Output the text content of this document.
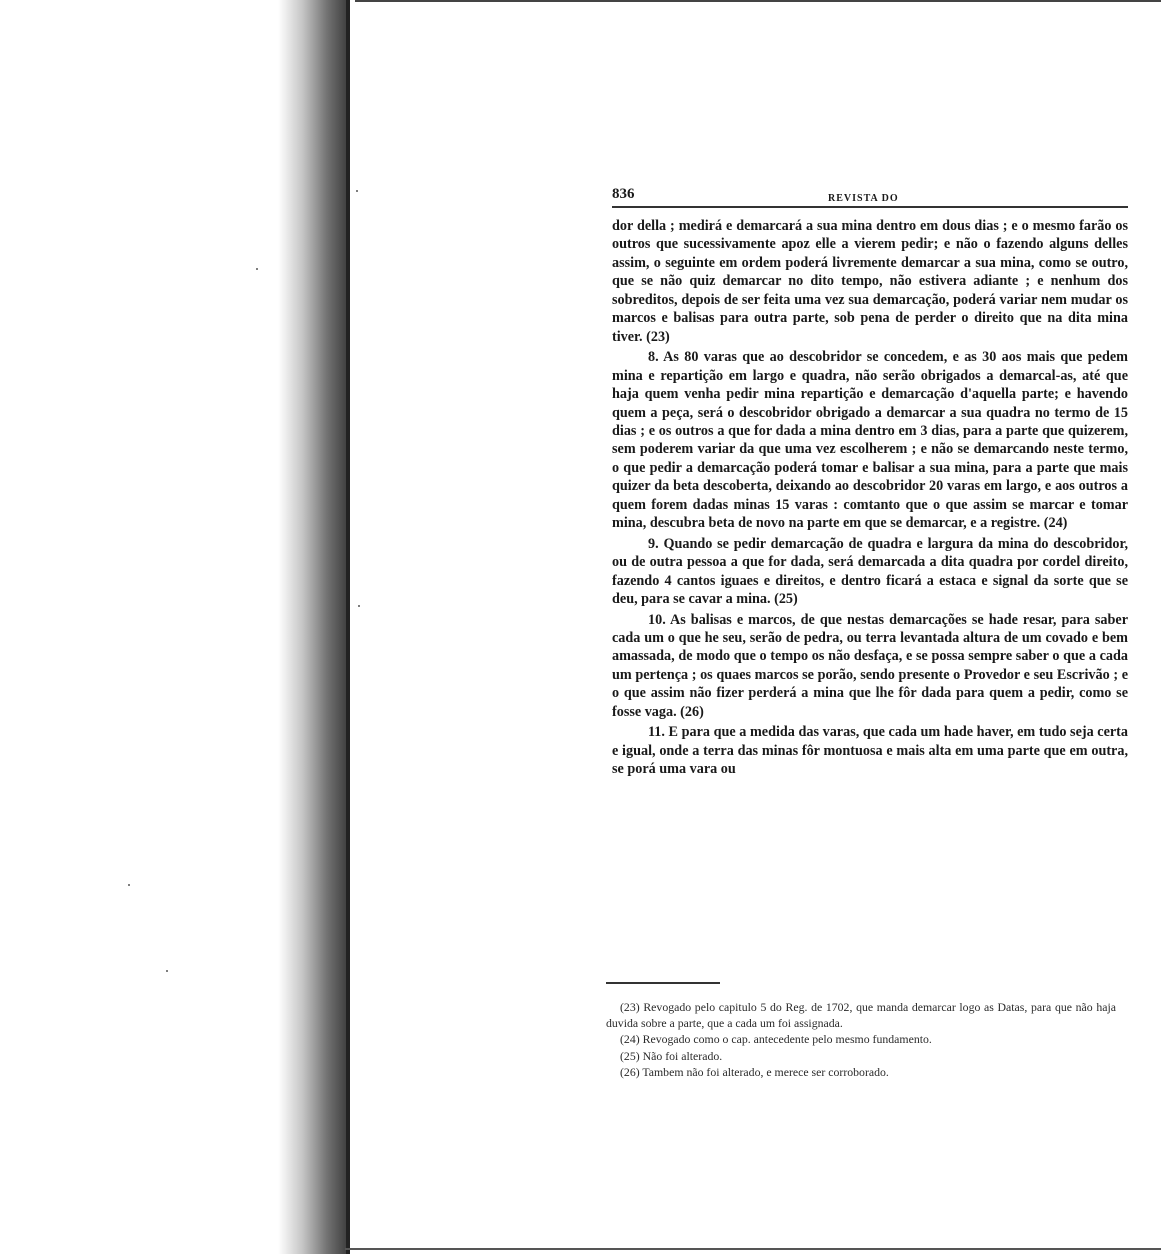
836	REVISTA DO

dor della ; medirá e demarcará a sua mina dentro em dous dias ; e o mesmo farão os outros que sucessivamente apoz elle a vierem pedir; e não o fazendo alguns delles assim, o seguinte em ordem poderá livremente demarcar a sua mina, como se outro, que se não quiz demarcar no dito tempo, não estivera adiante ; e nenhum dos sobreditos, depois de ser feita uma vez sua demarcação, poderá variar nem mudar os marcos e balisas para outra parte, sob pena de perder o direito que na dita mina tiver. (23)

8. As 80 varas que ao descobridor se concedem, e as 30 aos mais que pedem mina e repartição em largo e quadra, não serão obrigados a demarcal-as, até que haja quem venha pedir mina repartição e demarcação d'aquella parte; e havendo quem a peça, será o descobridor obrigado a demarcar a sua quadra no termo de 15 dias ; e os outros a que for dada a mina dentro em 3 dias, para a parte que quizerem, sem poderem variar da que uma vez escolherem ; e não se demarcando neste termo, o que pedir a demarcação poderá tomar e balisar a sua mina, para a parte que mais quizer da beta descoberta, deixando ao descobridor 20 varas em largo, e aos outros a quem forem dadas minas 15 varas : comtanto que o que assim se marcar e tomar mina, descubra beta de novo na parte em que se demarcar, e a registre. (24)

9. Quando se pedir demarcação de quadra e largura da mina do descobridor, ou de outra pessoa a que for dada, será demarcada a dita quadra por cordel direito, fazendo 4 cantos iguaes e direitos, e dentro ficará a estaca e signal da sorte que se deu, para se cavar a mina. (25)

10. As balisas e marcos, de que nestas demarcações se hade resar, para saber cada um o que he seu, serão de pedra, ou terra levantada altura de um covado e bem amassada, de modo que o tempo os não desfaça, e se possa sempre saber o que a cada um pertença ; os quaes marcos se porão, sendo presente o Provedor e seu Escrivão ; e o que assim não fizer perderá a mina que lhe fôr dada para quem a pedir, como se fosse vaga. (26)

11. E para que a medida das varas, que cada um hade haver, em tudo seja certa e igual, onde a terra das minas fôr montuosa e mais alta em uma parte que em outra, se porá uma vara ou

(23) Revogado pelo capitulo 5 do Reg. de 1702, que manda demarcar logo as Datas, para que não haja duvida sobre a parte, que a cada um foi assignada.

(24) Revogado como o cap. antecedente pelo mesmo fundamento.

(25) Não foi alterado.

(26) Tambem não foi alterado, e merece ser corroborado.
